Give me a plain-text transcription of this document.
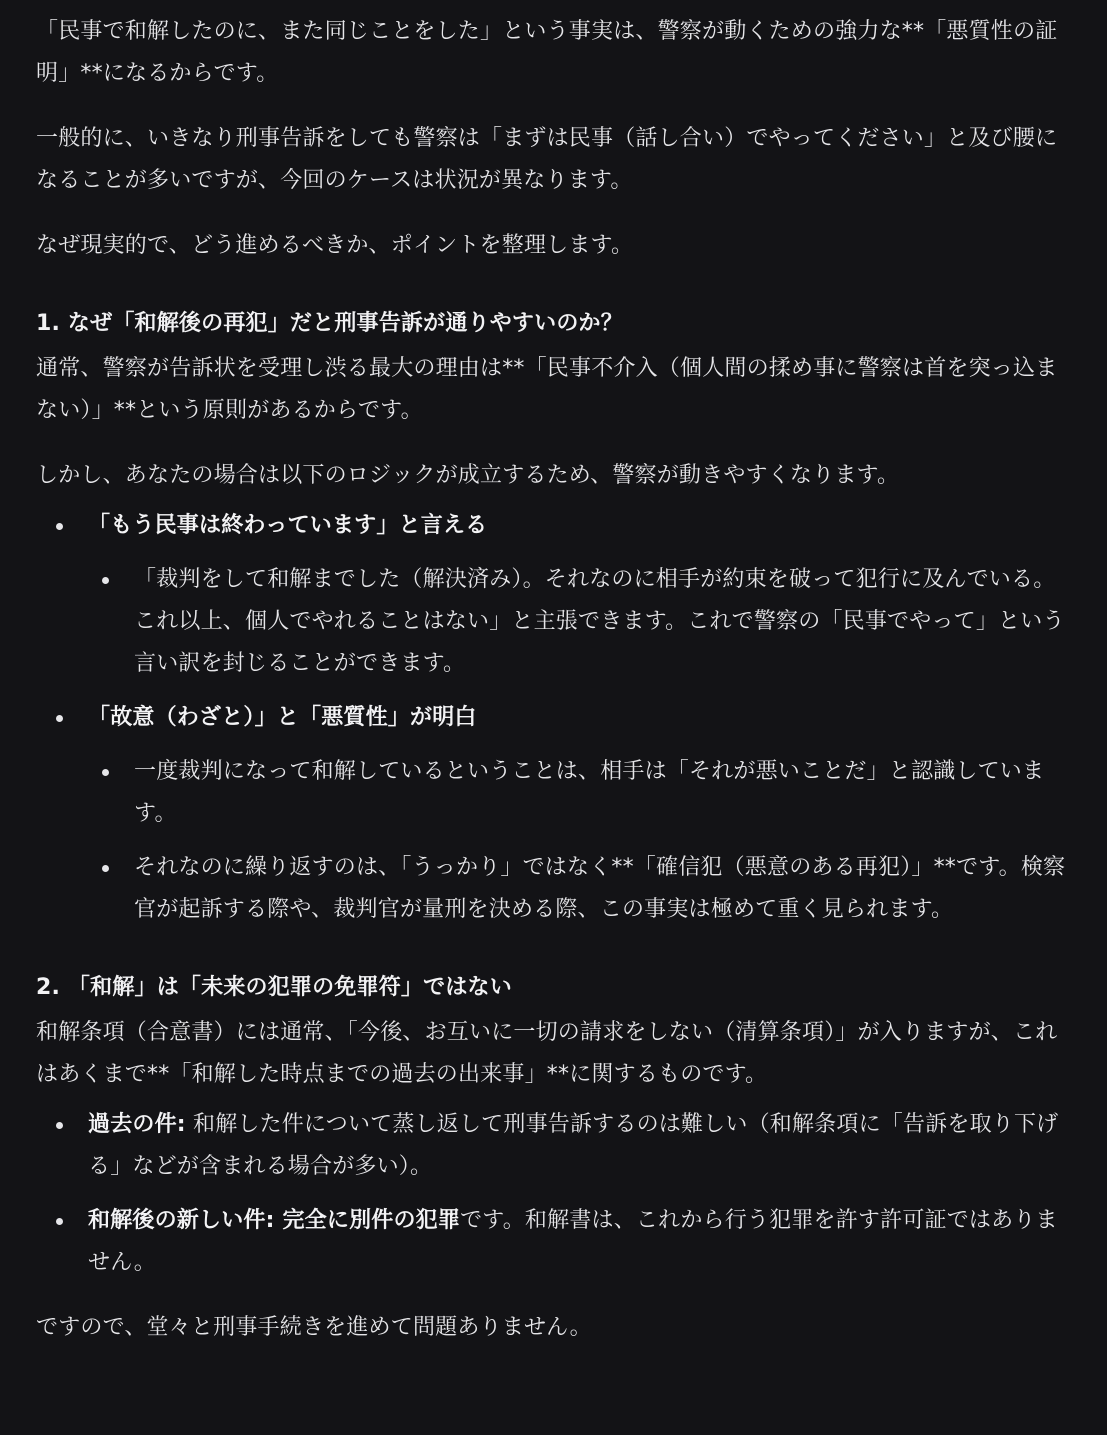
「民事で和解したのに、また同じことをした」という事実は、警察が動くための強力な**「悪質性の証明」**になるからです。

一般的に、いきなり刑事告訴をしても警察は「まずは民事（話し合い）でやってください」と及び腰になることが多いですが、今回のケースは状況が異なります。

なぜ現実的で、どう進めるべきか、ポイントを整理します。

1. なぜ「和解後の再犯」だと刑事告訴が通りやすいのか？

通常、警察が告訴状を受理し渋る最大の理由は**「民事不介入（個人間の揉め事に警察は首を突っ込まない）」**という原則があるからです。

しかし、あなたの場合は以下のロジックが成立するため、警察が動きやすくなります。

「もう民事は終わっています」と言える
「裁判をして和解までした（解決済み）。それなのに相手が約束を破って犯行に及んでいる。これ以上、個人でやれることはない」と主張できます。これで警察の「民事でやって」という言い訳を封じることができます。
「故意（わざと）」と「悪質性」が明白
一度裁判になって和解しているということは、相手は「それが悪いことだ」と認識しています。
それなのに繰り返すのは、「うっかり」ではなく**「確信犯（悪意のある再犯）」**です。検察官が起訴する際や、裁判官が量刑を決める際、この事実は極めて重く見られます。
2. 「和解」は「未来の犯罪の免罪符」ではない

和解条項（合意書）には通常、「今後、お互いに一切の請求をしない（清算条項）」が入りますが、これはあくまで**「和解した時点までの過去の出来事」**に関するものです。

過去の件: 和解した件について蒸し返して刑事告訴するのは難しい（和解条項に「告訴を取り下げる」などが含まれる場合が多い）。
和解後の新しい件: 完全に別件の犯罪です。和解書は、これから行う犯罪を許す許可証ではありません。

ですので、堂々と刑事手続きを進めて問題ありません。
